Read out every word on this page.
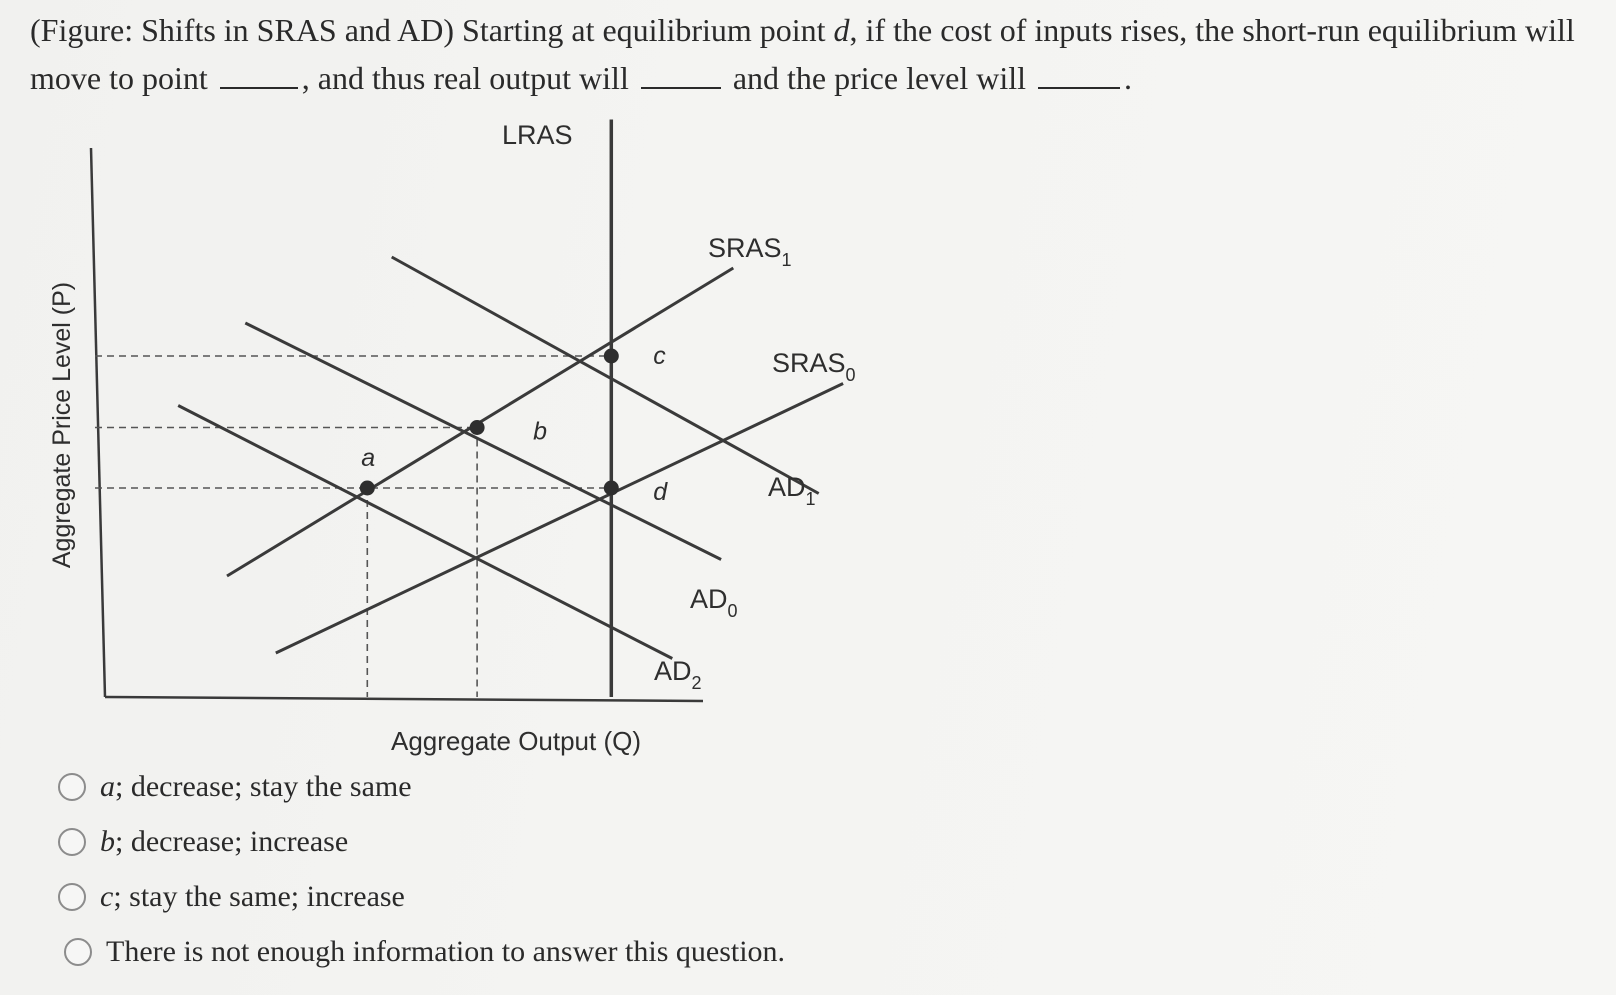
(Figure: Shifts in SRAS and AD) Starting at equilibrium point d, if the cost of inputs rises, the short-run equilibrium will move to point	, and thus real output will	and the price level will	.
Aggregate Output (Q)
Aggregate Price Level (P)
LRAS
$SRAS_1$
$SRAS_0$
$AD_1$
$AD_0$
$AD_2$
a
b
c
d
a ; decrease; stay the same
b ; decrease; increase
c ; stay the same; increase
There is not enough information to answer this question.
